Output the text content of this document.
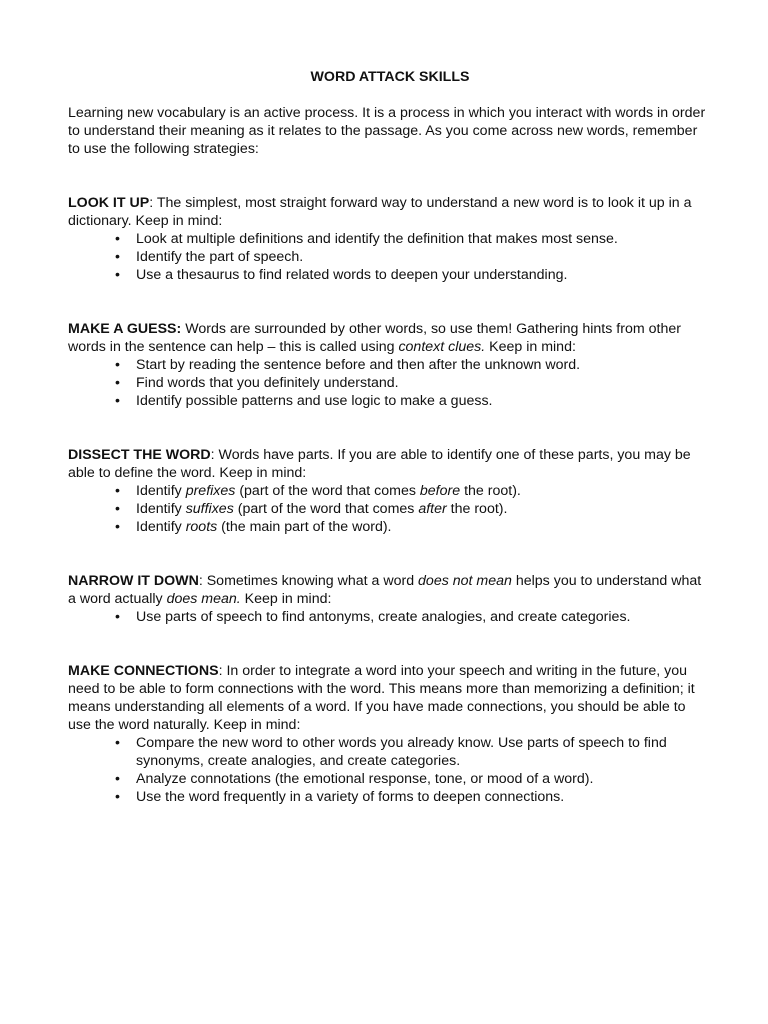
WORD ATTACK SKILLS

Learning new vocabulary is an active process. It is a process in which you interact with words in order to understand their meaning as it relates to the passage. As you come across new words, remember to use the following strategies:

LOOK IT UP: The simplest, most straight forward way to understand a new word is to look it up in a dictionary. Keep in mind:

• Look at multiple definitions and identify the definition that makes most sense.
• Identify the part of speech.
• Use a thesaurus to find related words to deepen your understanding.

MAKE A GUESS: Words are surrounded by other words, so use them! Gathering hints from other words in the sentence can help – this is called using context clues. Keep in mind:

• Start by reading the sentence before and then after the unknown word.
• Find words that you definitely understand.
• Identify possible patterns and use logic to make a guess.

DISSECT THE WORD: Words have parts. If you are able to identify one of these parts, you may be able to define the word. Keep in mind:

• Identify prefixes (part of the word that comes before the root).
• Identify suffixes (part of the word that comes after the root).
• Identify roots (the main part of the word).

NARROW IT DOWN: Sometimes knowing what a word does not mean helps you to understand what a word actually does mean. Keep in mind:

• Use parts of speech to find antonyms, create analogies, and create categories.

MAKE CONNECTIONS: In order to integrate a word into your speech and writing in the future, you need to be able to form connections with the word. This means more than memorizing a definition; it means understanding all elements of a word. If you have made connections, you should be able to use the word naturally. Keep in mind:

• Compare the new word to other words you already know. Use parts of speech to find synonyms, create analogies, and create categories.
• Analyze connotations (the emotional response, tone, or mood of a word).
• Use the word frequently in a variety of forms to deepen connections.
